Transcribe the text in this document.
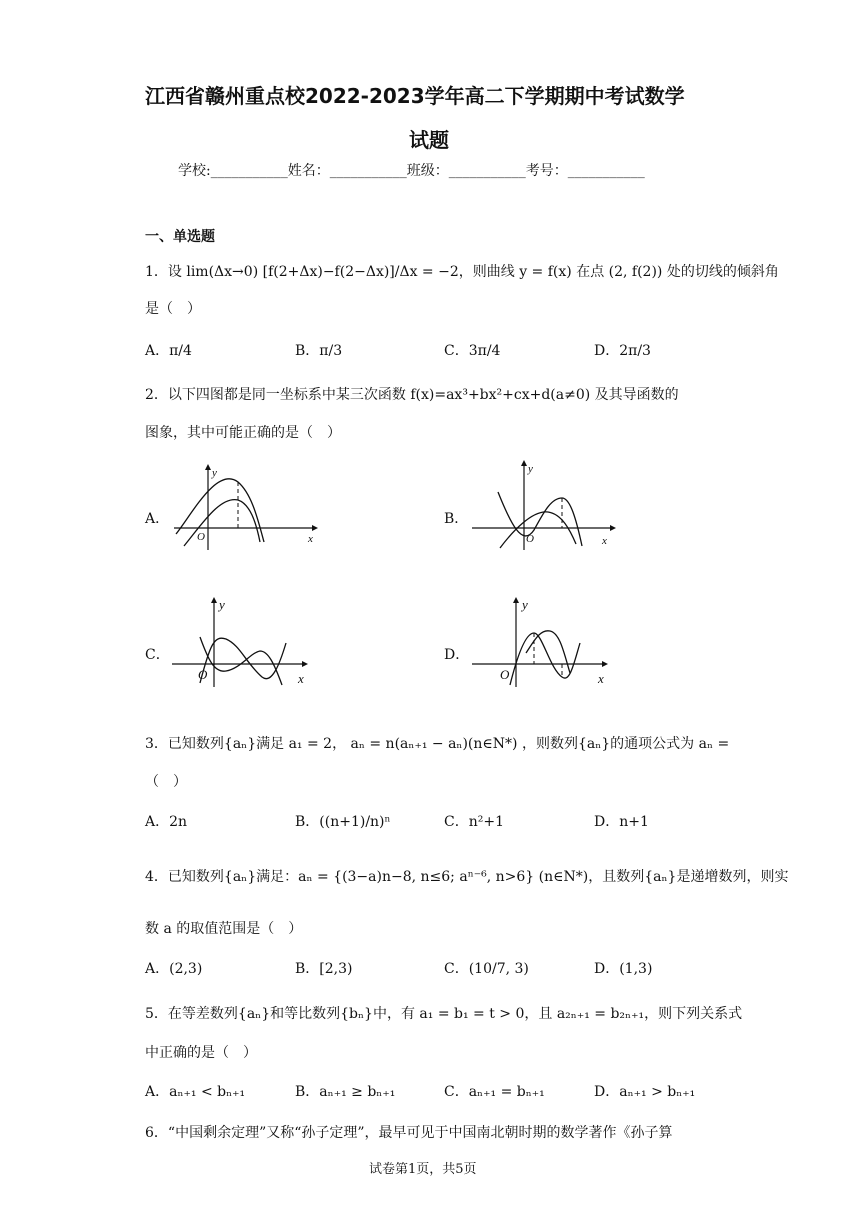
江西省赣州重点校2022-2023学年高二下学期期中考试数学
试题
学校:___________姓名：___________班级：___________考号：___________
一、单选题
1．设 lim(Δx→0) [f(2+Δx)−f(2−Δx)]/Δx = −2，则曲线 y = f(x) 在点 (2, f(2)) 处的切线的倾斜角
是（　）
A．π/4	B．π/3	C．3π/4	D．2π/3
2．以下四图都是同一坐标系中某三次函数 f(x)=ax³+bx²+cx+d(a≠0) 及其导函数的
图象，其中可能正确的是（　）
A．
y
x
O
B．
y
x
O
C．
y
x
O
D．
y
x
O
3．已知数列{aₙ}满足 a₁ = 2， aₙ = n(aₙ₊₁ − aₙ)(n∈N*) ，则数列{aₙ}的通项公式为 aₙ =
（　）
A．2n	B．((n+1)/n)ⁿ	C．n²+1	D．n+1
4．已知数列{aₙ}满足：aₙ = {(3−a)n−8, n≤6; aⁿ⁻⁶, n>6} (n∈N*)，且数列{aₙ}是递增数列，则实
数 a 的取值范围是（　）
A．(2,3)	B．[2,3)	C．(10/7, 3)	D．(1,3)
5．在等差数列{aₙ}和等比数列{bₙ}中，有 a₁ = b₁ = t > 0，且 a₂ₙ₊₁ = b₂ₙ₊₁，则下列关系式
中正确的是（　）
A．aₙ₊₁ < bₙ₊₁	B．aₙ₊₁ ≥ bₙ₊₁	C．aₙ₊₁ = bₙ₊₁	D．aₙ₊₁ > bₙ₊₁
6．“中国剩余定理”又称“孙子定理”，最早可见于中国南北朝时期的数学著作《孙子算
试卷第1页，共5页
